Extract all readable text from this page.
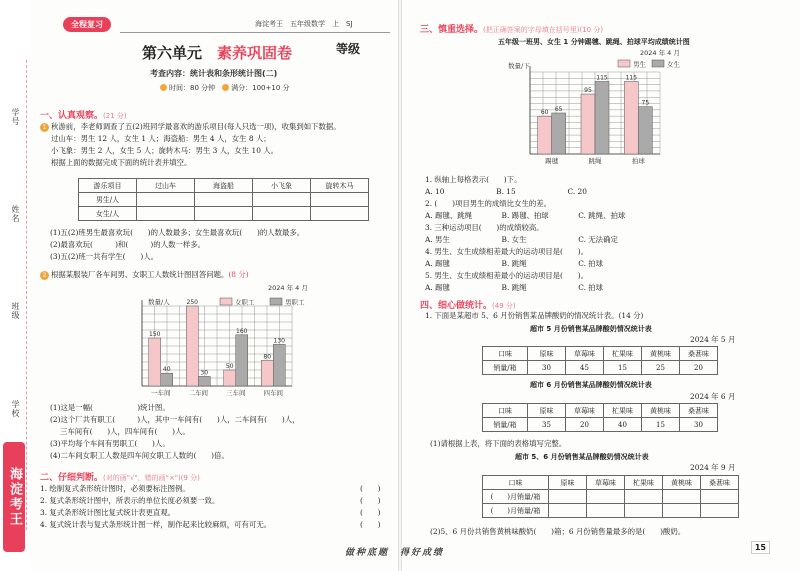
学号
姓名
班级
学校
海淀考王
全程复习	海淀考王　 五年级数学　 上　 SJ
第六单元　 素养巩固卷	等级
考查内容：统计表和条形统计图(二)
时间：80 分钟　 满分：100+10 分
一、认真观察。(21 分)
1 秋游前，李老师调查了五(2)班同学最喜欢的游乐项目(每人只选一项)，收集到如下数据。
过山车：男生 12 人，女生 1 人；海盗船：男生 4 人，女生 8 人；
小飞象：男生 2 人，女生 5 人；旋转木马：男生 3 人，女生 10 人。
根据上面的数据完成下面的统计表并填空。
游乐项目	过山车	海盗船	小飞象	旋转木马
男生/人				
女生/人				
(1)五(2)班男生最喜欢玩(　　)的人数最多；女生最喜欢玩(　　)的人数最多。
(2)最喜欢玩(　　　)和(　　　)的人数一样多。
(3)五(2)班一共有学生(　　)人。
2 根据某服装厂各车间男、女职工人数统计图回答问题。(8 分)
2024 年 4 月
数量/人
150
40
一车间
250
30
二车间
50
160
三车间
80
130
四车间
女职工	男职工
(1)这是一幅(　　　　　　)统计图。
(2)这个厂共有职工(　　　)人，其中一车间有(　　)人，二车间有(　　)人，
三车间有(　　)人，四车间有(　　)人。
(3)平均每个车间有男职工(　　)人。
(4)二车间女职工人数是四车间女职工人数的(　　)倍。
二、仔细判断。(对的画"√"，错的画"×")(9 分)
1. 绘制复式条形统计图时，必须要标注图例。	(　　)
2. 复式条形统计图中，所表示的单位长度必须要一致。	(　　)
3. 复式条形统计图比复式统计表更直观。	(　　)
4. 复式统计表与复式条形统计图一样，制作起来比较麻烦，可有可无。	(　　)
三、慎重选择。(把正确答案的字母填在括号里)(10 分)
五年级一班男、女生 1 分钟踢毽、跳绳、拍球平均成绩统计图
2024 年 4 月
数量/下
60 65
踢毽
95
115
跳绳
115
75
拍球
男生	女生
1. 纵轴上每格表示(　　)下。
A. 10　　　　　　　B. 15　　　　　　　C. 20
2. (　　)项目男生的成绩比女生的差。
A. 踢毽、跳绳　　　　B. 踢毽、拍球　　　　C. 跳绳、拍球
3. 三种运动项目(　　)的成绩较高。
A. 男生　　　　　　　B. 女生　　　　　　　C. 无法确定
4. 男生、女生成绩相差最大的运动项目是(　　)。
A. 踢毽　　　　　　　B. 跳绳　　　　　　　C. 拍球
5. 男生、女生成绩相差最小的运动项目是(　　)。
A. 踢毽　　　　　　　B. 跳绳　　　　　　　C. 拍球
四、细心做统计。(49 分)
1. 下面是某超市 5、6 月份销售某品牌酸奶的情况统计表。(14 分)
超市 5 月份销售某品牌酸奶情况统计表
2024 年 5 月
口味	原味	草莓味	杧果味	黄桃味	桑葚味
销量/箱	30	45	15	25	20
超市 6 月份销售某品牌酸奶情况统计表
2024 年 6 月
口味	原味	草莓味	杧果味	黄桃味	桑葚味
销量/箱	35	20	40	15	30
(1)请根据上表，将下面的表格填写完整。
超市 5、6 月份销售某品牌酸奶情况统计表
2024 年 9 月
口味	原味	草莓味	杧果味	黄桃味	桑葚味
(　　)月销量/箱					
(　　)月销量/箱					
(2)5、6 月份共销售黄桃味酸奶(　　)箱；6 月份销售量最多的是(　　)酸奶。
做种底题　得好成绩
15
